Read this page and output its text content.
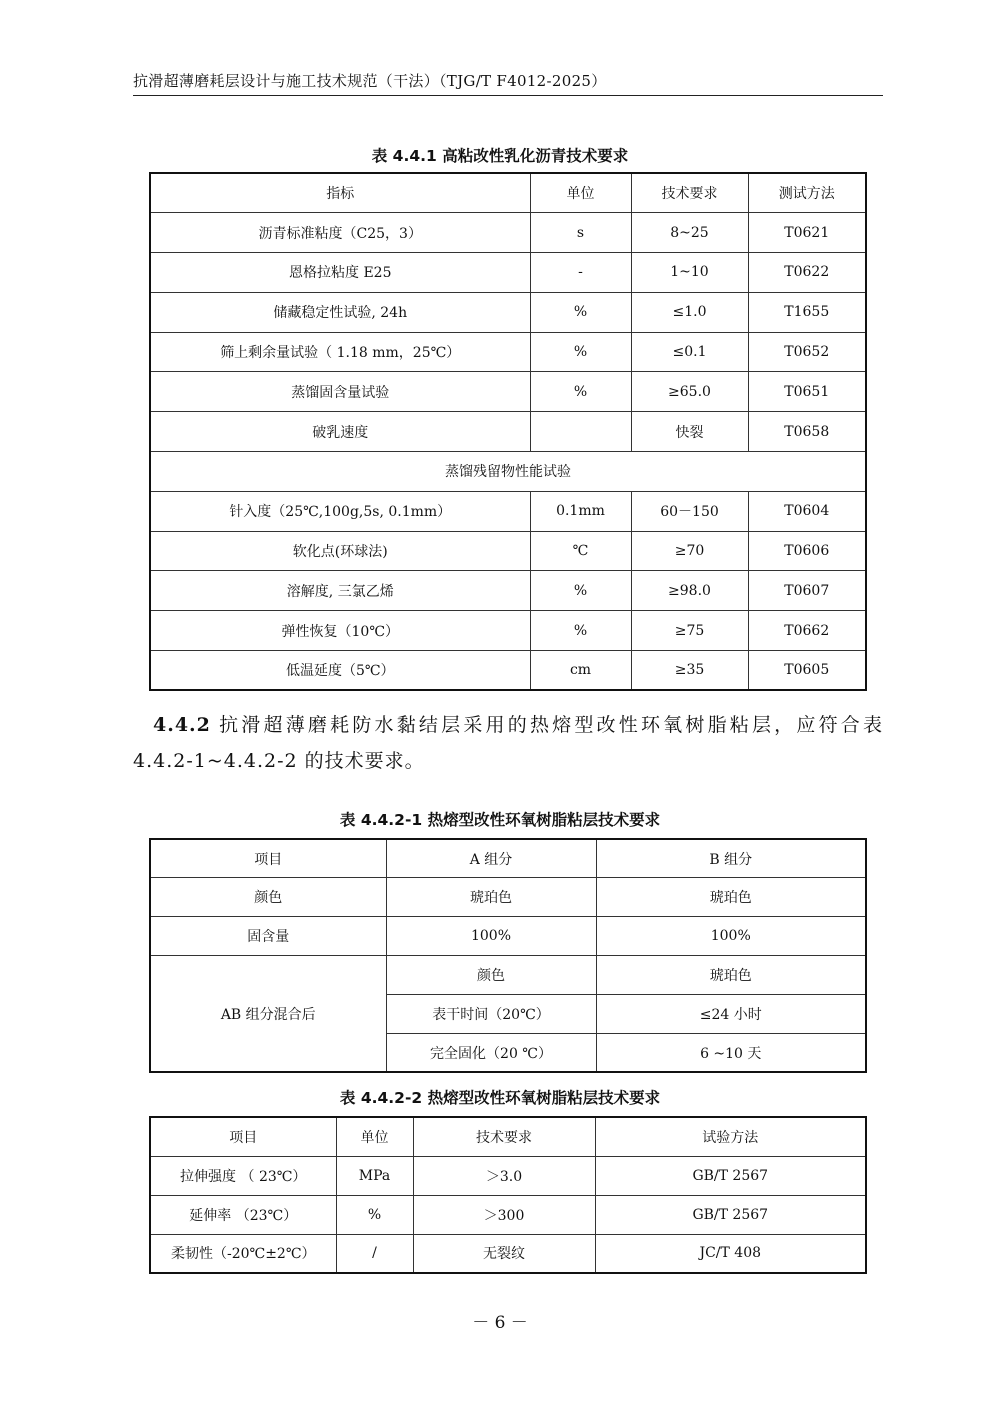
抗滑超薄磨耗层设计与施工技术规范（干法）（TJG/T F4012-2025）
表 4.4.1 高粘改性乳化沥青技术要求
指标	单位	技术要求	测试方法
沥青标准粘度（C25，3）	s	8~25	T0621
恩格拉粘度 E25	-	1~10	T0622
储藏稳定性试验, 24h	%	≤1.0	T1655
筛上剩余量试验（ 1.18 mm，25℃）	%	≤0.1	T0652
蒸馏固含量试验	%	≥65.0	T0651
破乳速度		快裂	T0658
蒸馏残留物性能试验			
针入度（25℃,100g,5s, 0.1mm）	0.1mm	60－150	T0604
软化点(环球法)	℃	≥70	T0606
溶解度, 三氯乙烯	%	≥98.0	T0607
弹性恢复（10℃）	%	≥75	T0662
低温延度（5℃）	cm	≥35	T0605
4.4.2 抗滑超薄磨耗防水黏结层采用的热熔型改性环氧树脂粘层，应符合表 4.4.2-1~4.4.2-2 的技术要求。
表 4.4.2-1 热熔型改性环氧树脂粘层技术要求
项目	A 组分	B 组分
颜色	琥珀色	琥珀色
固含量	100%	100%
AB 组分混合后	颜色	琥珀色
	表干时间（20℃）	≤24 小时
	完全固化（20 ℃）	6 ~10 天
表 4.4.2-2 热熔型改性环氧树脂粘层技术要求
项目	单位	技术要求	试验方法
拉伸强度 （ 23℃）	MPa	＞3.0	GB/T 2567
延伸率 （23℃）	%	＞300	GB/T 2567
柔韧性（-20℃±2℃）	/	无裂纹	JC/T 408
－ 6 －
